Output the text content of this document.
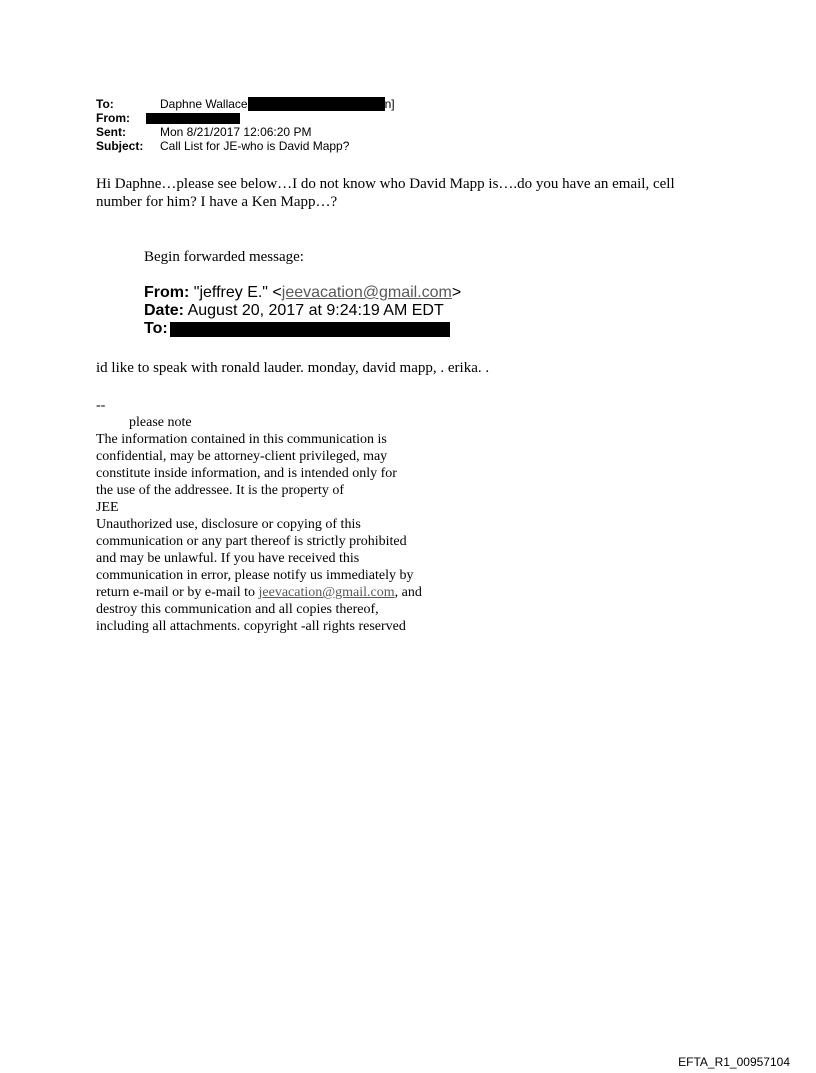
To:	Daphne Wallace	n]
From:
Sent:	Mon 8/21/2017 12:06:20 PM
Subject: Call List for JE-who is David Mapp?
Hi Daphne…please see below…I do not know who David Mapp is….do you have an email, cell
number for him? I have a Ken Mapp…?
Begin forwarded message:
From: "jeffrey E." <jeevacation@gmail.com>
Date: August 20, 2017 at 9:24:19 AM EDT
To:
id like to speak with ronald lauder. monday, david mapp, . erika. .
--
please note
The information contained in this communication is
confidential, may be attorney-client privileged, may
constitute inside information, and is intended only for
the use of the addressee. It is the property of
JEE
Unauthorized use, disclosure or copying of this
communication or any part thereof is strictly prohibited
and may be unlawful. If you have received this
communication in error, please notify us immediately by
return e-mail or by e-mail to jeevacation@gmail.com, and
destroy this communication and all copies thereof,
including all attachments. copyright -all rights reserved
EFTA_R1_00957104
